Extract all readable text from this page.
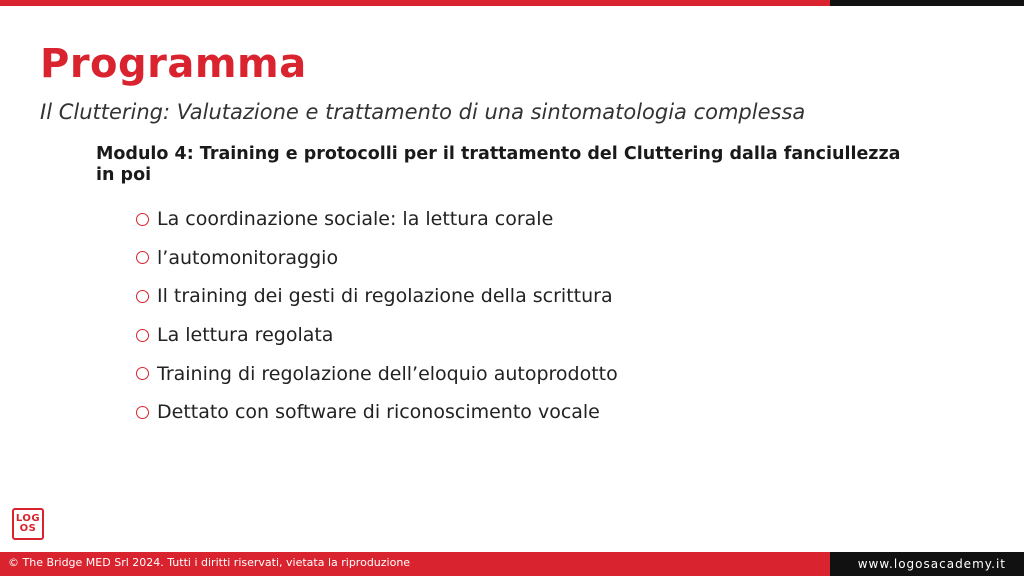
Programma

Il Cluttering: Valutazione e trattamento di una sintomatologia complessa

Modulo 4: Training e protocolli per il trattamento del Cluttering dalla fanciullezza in poi

La coordinazione sociale: la lettura corale
l’automonitoraggio
Il training dei gesti di regolazione della scrittura
La lettura regolata
Training di regolazione dell’eloquio autoprodotto
Dettato con software di riconoscimento vocale
LOG
OS

© The Bridge MED Srl 2024. Tutti i diritti riservati, vietata la riproduzione	www.logosacademy.it
